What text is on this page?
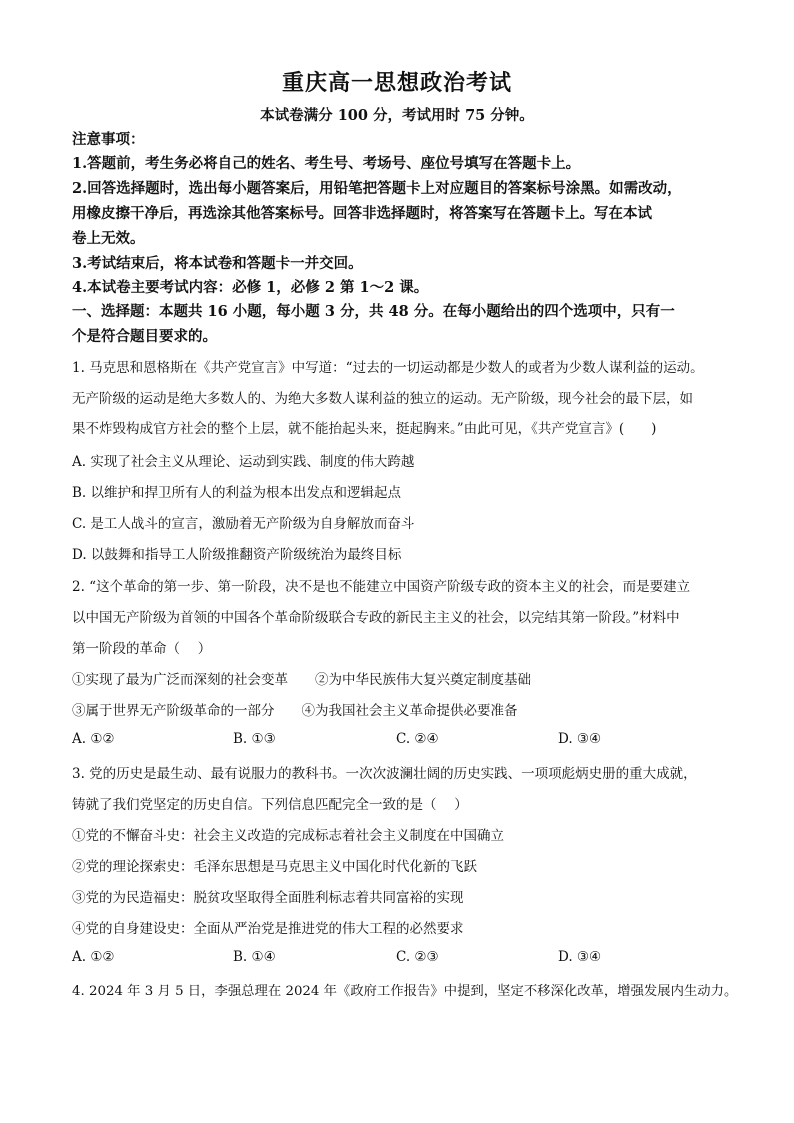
重庆高一思想政治考试
本试卷满分 100 分，考试用时 75 分钟。
注意事项：
1.答题前，考生务必将自己的姓名、考生号、考场号、座位号填写在答题卡上。
2.回答选择题时，选出每小题答案后，用铅笔把答题卡上对应题目的答案标号涂黑。如需改动，
用橡皮擦干净后，再选涂其他答案标号。回答非选择题时，将答案写在答题卡上。写在本试
卷上无效。
3.考试结束后，将本试卷和答题卡一并交回。
4.本试卷主要考试内容：必修 1，必修 2 第 1～2 课。
一、选择题：本题共 16 小题，每小题 3 分，共 48 分。在每小题给出的四个选项中，只有一
个是符合题目要求的。
1. 马克思和恩格斯在《共产党宣言》中写道：“过去的一切运动都是少数人的或者为少数人谋利益的运动。
无产阶级的运动是绝大多数人的、为绝大多数人谋利益的独立的运动。无产阶级，现今社会的最下层，如
果不炸毁构成官方社会的整个上层，就不能抬起头来，挺起胸来。”由此可见，《共产党宣言》(　　)
A. 实现了社会主义从理论、运动到实践、制度的伟大跨越
B. 以维护和捍卫所有人的利益为根本出发点和逻辑起点
C. 是工人战斗的宣言，激励着无产阶级为自身解放而奋斗
D. 以鼓舞和指导工人阶级推翻资产阶级统治为最终目标
2. “这个革命的第一步、第一阶段，决不是也不能建立中国资产阶级专政的资本主义的社会，而是要建立
以中国无产阶级为首领的中国各个革命阶级联合专政的新民主主义的社会，以完结其第一阶段。”材料中
第一阶段的革命（　 ）
①实现了最为广泛而深刻的社会变革　　②为中华民族伟大复兴奠定制度基础
③属于世界无产阶级革命的一部分　　④为我国社会主义革命提供必要准备
A. ①②	B. ①③	C. ②④	D. ③④
3. 党的历史是最生动、最有说服力的教科书。一次次波澜壮阔的历史实践、一项项彪炳史册的重大成就，
铸就了我们党坚定的历史自信。下列信息匹配完全一致的是（　 ）
①党的不懈奋斗史：社会主义改造的完成标志着社会主义制度在中国确立
②党的理论探索史：毛泽东思想是马克思主义中国化时代化新的飞跃
③党的为民造福史：脱贫攻坚取得全面胜利标志着共同富裕的实现
④党的自身建设史：全面从严治党是推进党的伟大工程的必然要求
A. ①②	B. ①④	C. ②③	D. ③④
4. 2024 年 3 月 5 日，李强总理在 2024 年《政府工作报告》中提到，坚定不移深化改革，增强发展内生动力。
